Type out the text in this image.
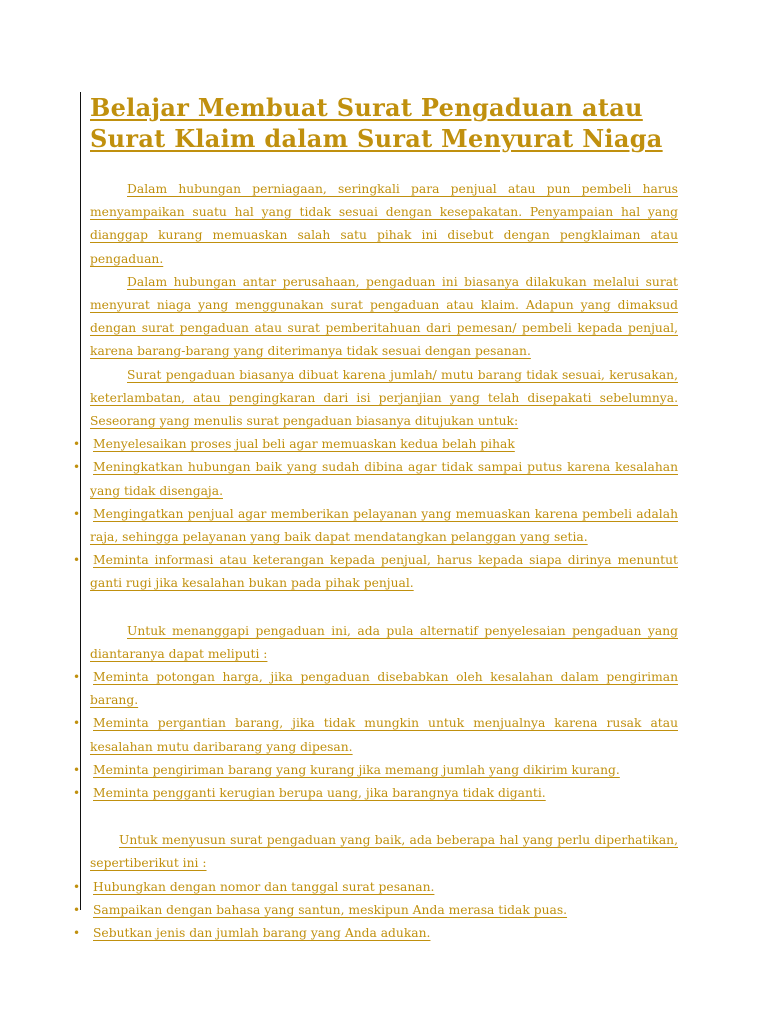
Belajar Membuat Surat Pengaduan atau Surat Klaim dalam Surat Menyurat Niaga

Dalam hubungan perniagaan, seringkali para penjual atau pun pembeli harus menyampaikan suatu hal yang tidak sesuai dengan kesepakatan. Penyampaian hal yang dianggap kurang memuaskan salah satu pihak ini disebut dengan pengklaiman atau pengaduan.

Dalam hubungan antar perusahaan, pengaduan ini biasanya dilakukan melalui surat menyurat niaga yang menggunakan surat pengaduan atau klaim. Adapun yang dimaksud dengan surat pengaduan atau surat pemberitahuan dari pemesan/ pembeli kepada penjual, karena barang-barang yang diterimanya tidak sesuai dengan pesanan.

Surat pengaduan biasanya dibuat karena jumlah/ mutu barang tidak sesuai, kerusakan, keterlambatan, atau pengingkaran dari isi perjanjian yang telah disepakati sebelumnya. Seseorang yang menulis surat pengaduan biasanya ditujukan untuk:

• Menyelesaikan proses jual beli agar memuaskan kedua belah pihak
• Meningkatkan hubungan baik yang sudah dibina agar tidak sampai putus karena kesalahan yang tidak disengaja.
• Mengingatkan penjual agar memberikan pelayanan yang memuaskan karena pembeli adalah raja, sehingga pelayanan yang baik dapat mendatangkan pelanggan yang setia.
• Meminta informasi atau keterangan kepada penjual, harus kepada siapa dirinya menuntut ganti rugi jika kesalahan bukan pada pihak penjual.

Untuk menanggapi pengaduan ini, ada pula alternatif penyelesaian pengaduan yang diantaranya dapat meliputi :

• Meminta potongan harga, jika pengaduan disebabkan oleh kesalahan dalam pengiriman barang.
• Meminta pergantian barang, jika tidak mungkin untuk menjualnya karena rusak atau kesalahan mutu daribarang yang dipesan.
• Meminta pengiriman barang yang kurang jika memang jumlah yang dikirim kurang.
• Meminta pengganti kerugian berupa uang, jika barangnya tidak diganti.

Untuk menyusun surat pengaduan yang baik, ada beberapa hal yang perlu diperhatikan, sepertiberikut ini :

• Hubungkan dengan nomor dan tanggal surat pesanan.
• Sampaikan dengan bahasa yang santun, meskipun Anda merasa tidak puas.
• Sebutkan jenis dan jumlah barang yang Anda adukan.
